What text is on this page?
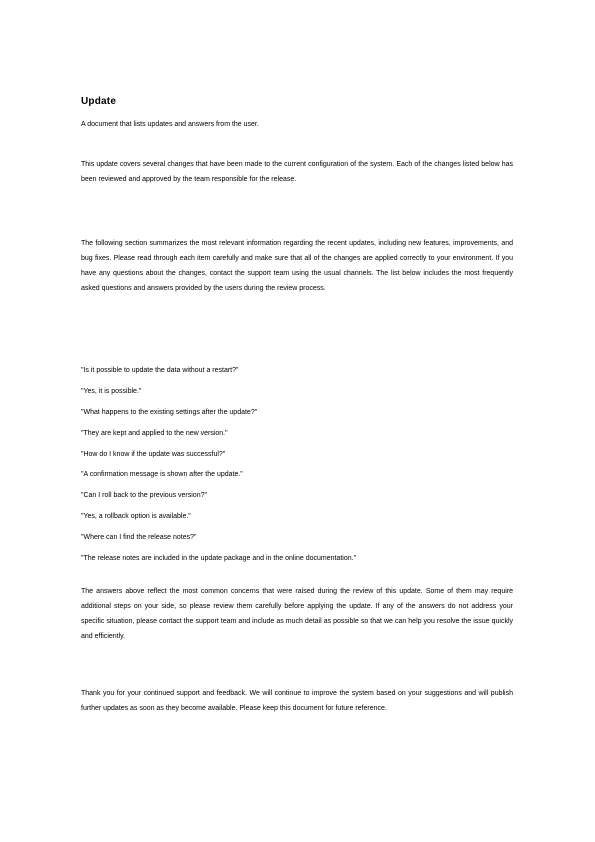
Update
A document that lists updates and answers from the user.
This update covers several changes that have been made to the current configuration of the system. Each of the changes listed below has been reviewed and approved by the team responsible for the release.
The following section summarizes the most relevant information regarding the recent updates, including new features, improvements, and bug fixes. Please read through each item carefully and make sure that all of the changes are applied correctly to your environment. If you have any questions about the changes, contact the support team using the usual channels. The list below includes the most frequently asked questions and answers provided by the users during the review process.
"Is it possible to update the data without a restart?"
"Yes, it is possible."
"What happens to the existing settings after the update?"
"They are kept and applied to the new version."
"How do I know if the update was successful?"
"A confirmation message is shown after the update."
"Can I roll back to the previous version?"
"Yes, a rollback option is available."
"Where can I find the release notes?"
"The release notes are included in the update package and in the online documentation."
The answers above reflect the most common concerns that were raised during the review of this update. Some of them may require additional steps on your side, so please review them carefully before applying the update. If any of the answers do not address your specific situation, please contact the support team and include as much detail as possible so that we can help you resolve the issue quickly and efficiently.
Thank you for your continued support and feedback. We will continue to improve the system based on your suggestions and will publish further updates as soon as they become available. Please keep this document for future reference.
